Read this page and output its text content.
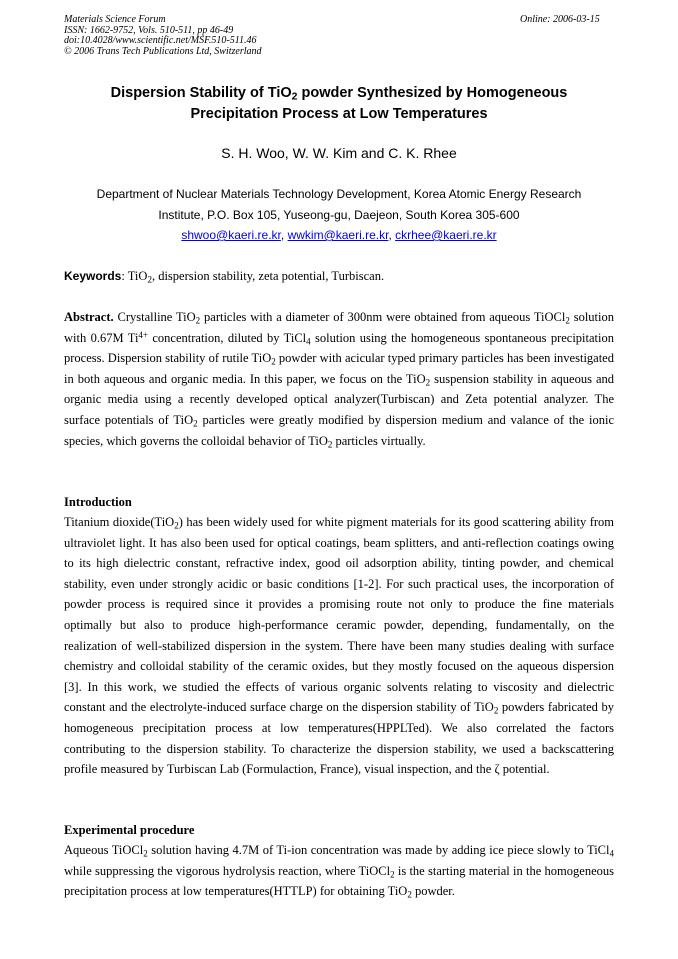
Materials Science Forum
ISSN: 1662-9752, Vols. 510-511, pp 46-49
doi:10.4028/www.scientific.net/MSF.510-511.46
© 2006 Trans Tech Publications Ltd, Switzerland
Online: 2006-03-15
Dispersion Stability of TiO$_2$ powder Synthesized by Homogeneous
Precipitation Process at Low Temperatures
S. H. Woo, W. W. Kim and C. K. Rhee
Department of Nuclear Materials Technology Development, Korea Atomic Energy Research
Institute, P.O. Box 105, Yuseong-gu, Daejeon, South Korea 305-600
shwoo@kaeri.re.kr, wwkim@kaeri.re.kr, ckrhee@kaeri.re.kr
Keywords: TiO$_2$, dispersion stability, zeta potential, Turbiscan.
Abstract. Crystalline TiO$_2$ particles with a diameter of 300nm were obtained from aqueous TiOCl$_2$ solution with 0.67M $Ti^{4+}$ concentration, diluted by TiCl$_4$ solution using the homogeneous spontaneous precipitation process. Dispersion stability of rutile TiO$_2$ powder with acicular typed primary particles has been investigated in both aqueous and organic media. In this paper, we focus on the TiO$_2$ suspension stability in aqueous and organic media using a recently developed optical analyzer(Turbiscan) and Zeta potential analyzer. The surface potentials of TiO$_2$ particles were greatly modified by dispersion medium and valance of the ionic species, which governs the colloidal behavior of TiO$_2$ particles virtually.
Introduction
Titanium dioxide(TiO$_2$) has been widely used for white pigment materials for its good scattering ability from ultraviolet light. It has also been used for optical coatings, beam splitters, and anti-reflection coatings owing to its high dielectric constant, refractive index, good oil adsorption ability, tinting powder, and chemical stability, even under strongly acidic or basic conditions [1-2]. For such practical uses, the incorporation of powder process is required since it provides a promising route not only to produce the fine materials optimally but also to produce high-performance ceramic powder, depending, fundamentally, on the realization of well-stabilized dispersion in the system. There have been many studies dealing with surface chemistry and colloidal stability of the ceramic oxides, but they mostly focused on the aqueous dispersion [3]. In this work, we studied the effects of various organic solvents relating to viscosity and dielectric constant and the electrolyte-induced surface charge on the dispersion stability of TiO$_2$ powders fabricated by homogeneous precipitation process at low temperatures(HPPLTed). We also correlated the factors contributing to the dispersion stability. To characterize the dispersion stability, we used a backscattering profile measured by Turbiscan Lab (Formulaction, France), visual inspection, and the ζ potential.
Experimental procedure
Aqueous TiOCl$_2$ solution having 4.7M of Ti-ion concentration was made by adding ice piece slowly to TiCl$_4$ while suppressing the vigorous hydrolysis reaction, where TiOCl$_2$ is the starting material in the homogeneous precipitation process at low temperatures(HTTLP) for obtaining TiO$_2$ powder.
